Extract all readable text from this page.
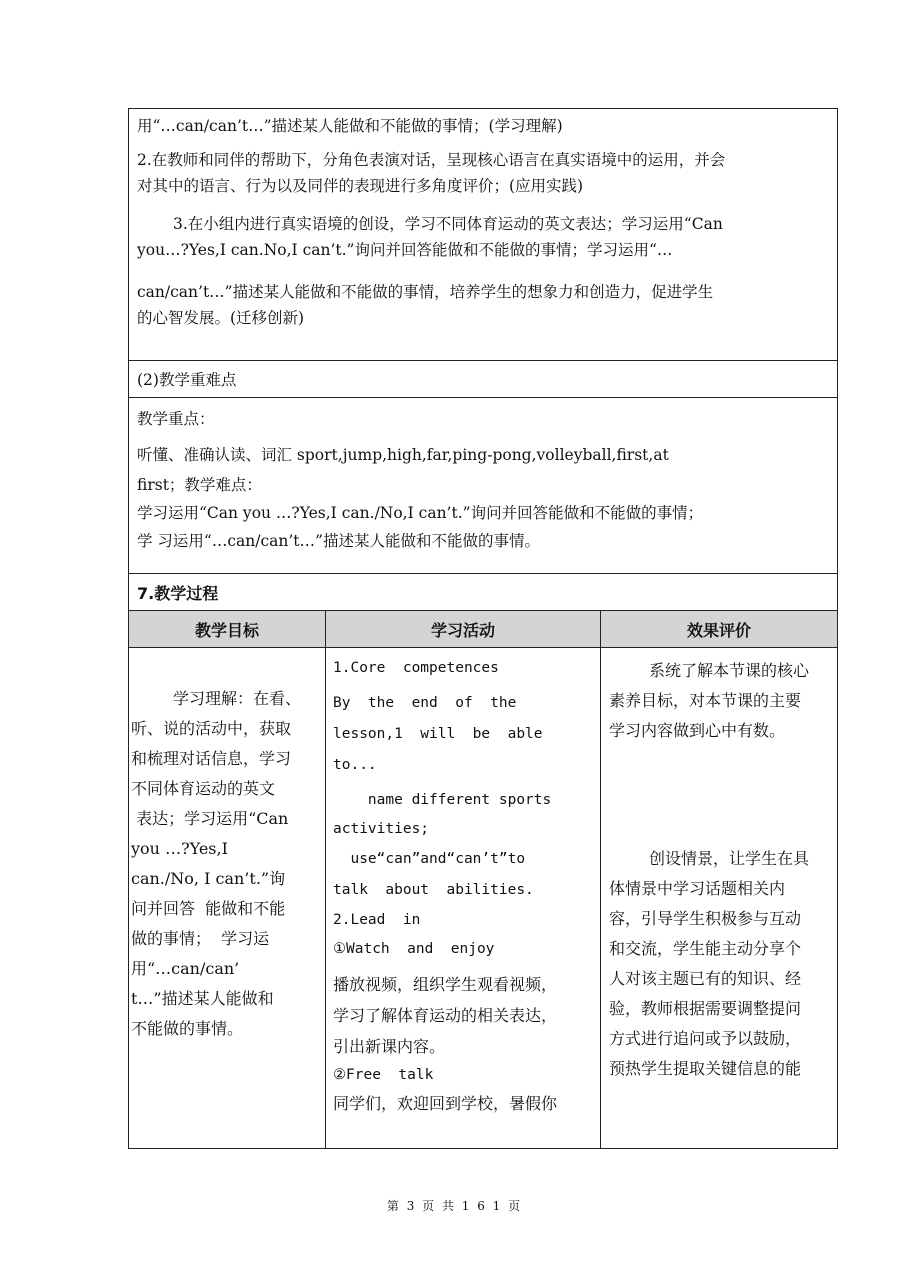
用“…can/can’t…”描述某人能做和不能做的事情；(学习理解)

2.在教师和同伴的帮助下，分角色表演对话，呈现核心语言在真实语境中的运用，并会

对其中的语言、行为以及同伴的表现进行多角度评价；(应用实践)

3.在小组内进行真实语境的创设，学习不同体育运动的英文表达；学习运用“Can

you…?Yes,I can.No,I can’t.”询问并回答能做和不能做的事情；学习运用“…

can/can’t…”描述某人能做和不能做的事情，培养学生的想象力和创造力，促进学生

的心智发展。(迁移创新)

(2)教学重难点

教学重点：

听懂、准确认读、词汇 sport,jump,high,far,ping-pong,volleyball,first,at

first；教学难点：

学习运用“Can you …?Yes,I can./No,I can’t.”询问并回答能做和不能做的事情；

学 习运用“…can/can’t…”描述某人能做和不能做的事情。

7.教学过程

教学目标	学习活动	效果评价

学习理解：在看、

听、说的活动中，获取

和梳理对话信息，学习

不同体育运动的英文

表达；学习运用“Can

you …?Yes,I

can./No, I can’t.”询

问并回答  能做和不能

做的事情；  学习运

用“…can/can’

t…”描述某人能做和

不能做的事情。

1.Core  competences

By  the  end  of  the

lesson,1  will  be  able

to...

name different sports

activities;

use“can”and“can’t”to

talk  about  abilities.

2.Lead  in

①Watch  and  enjoy

播放视频，组织学生观看视频，

学习了解体育运动的相关表达，

引出新课内容。

②Free  talk

同学们，欢迎回到学校，暑假你

系统了解本节课的核心

素养目标，对本节课的主要

学习内容做到心中有数。

创设情景，让学生在具

体情景中学习话题相关内

容，引导学生积极参与互动

和交流，学生能主动分享个

人对该主题已有的知识、经

验，教师根据需要调整提问

方式进行追问或予以鼓励，

预热学生提取关键信息的能

第 3 页 共 1 6 1 页
